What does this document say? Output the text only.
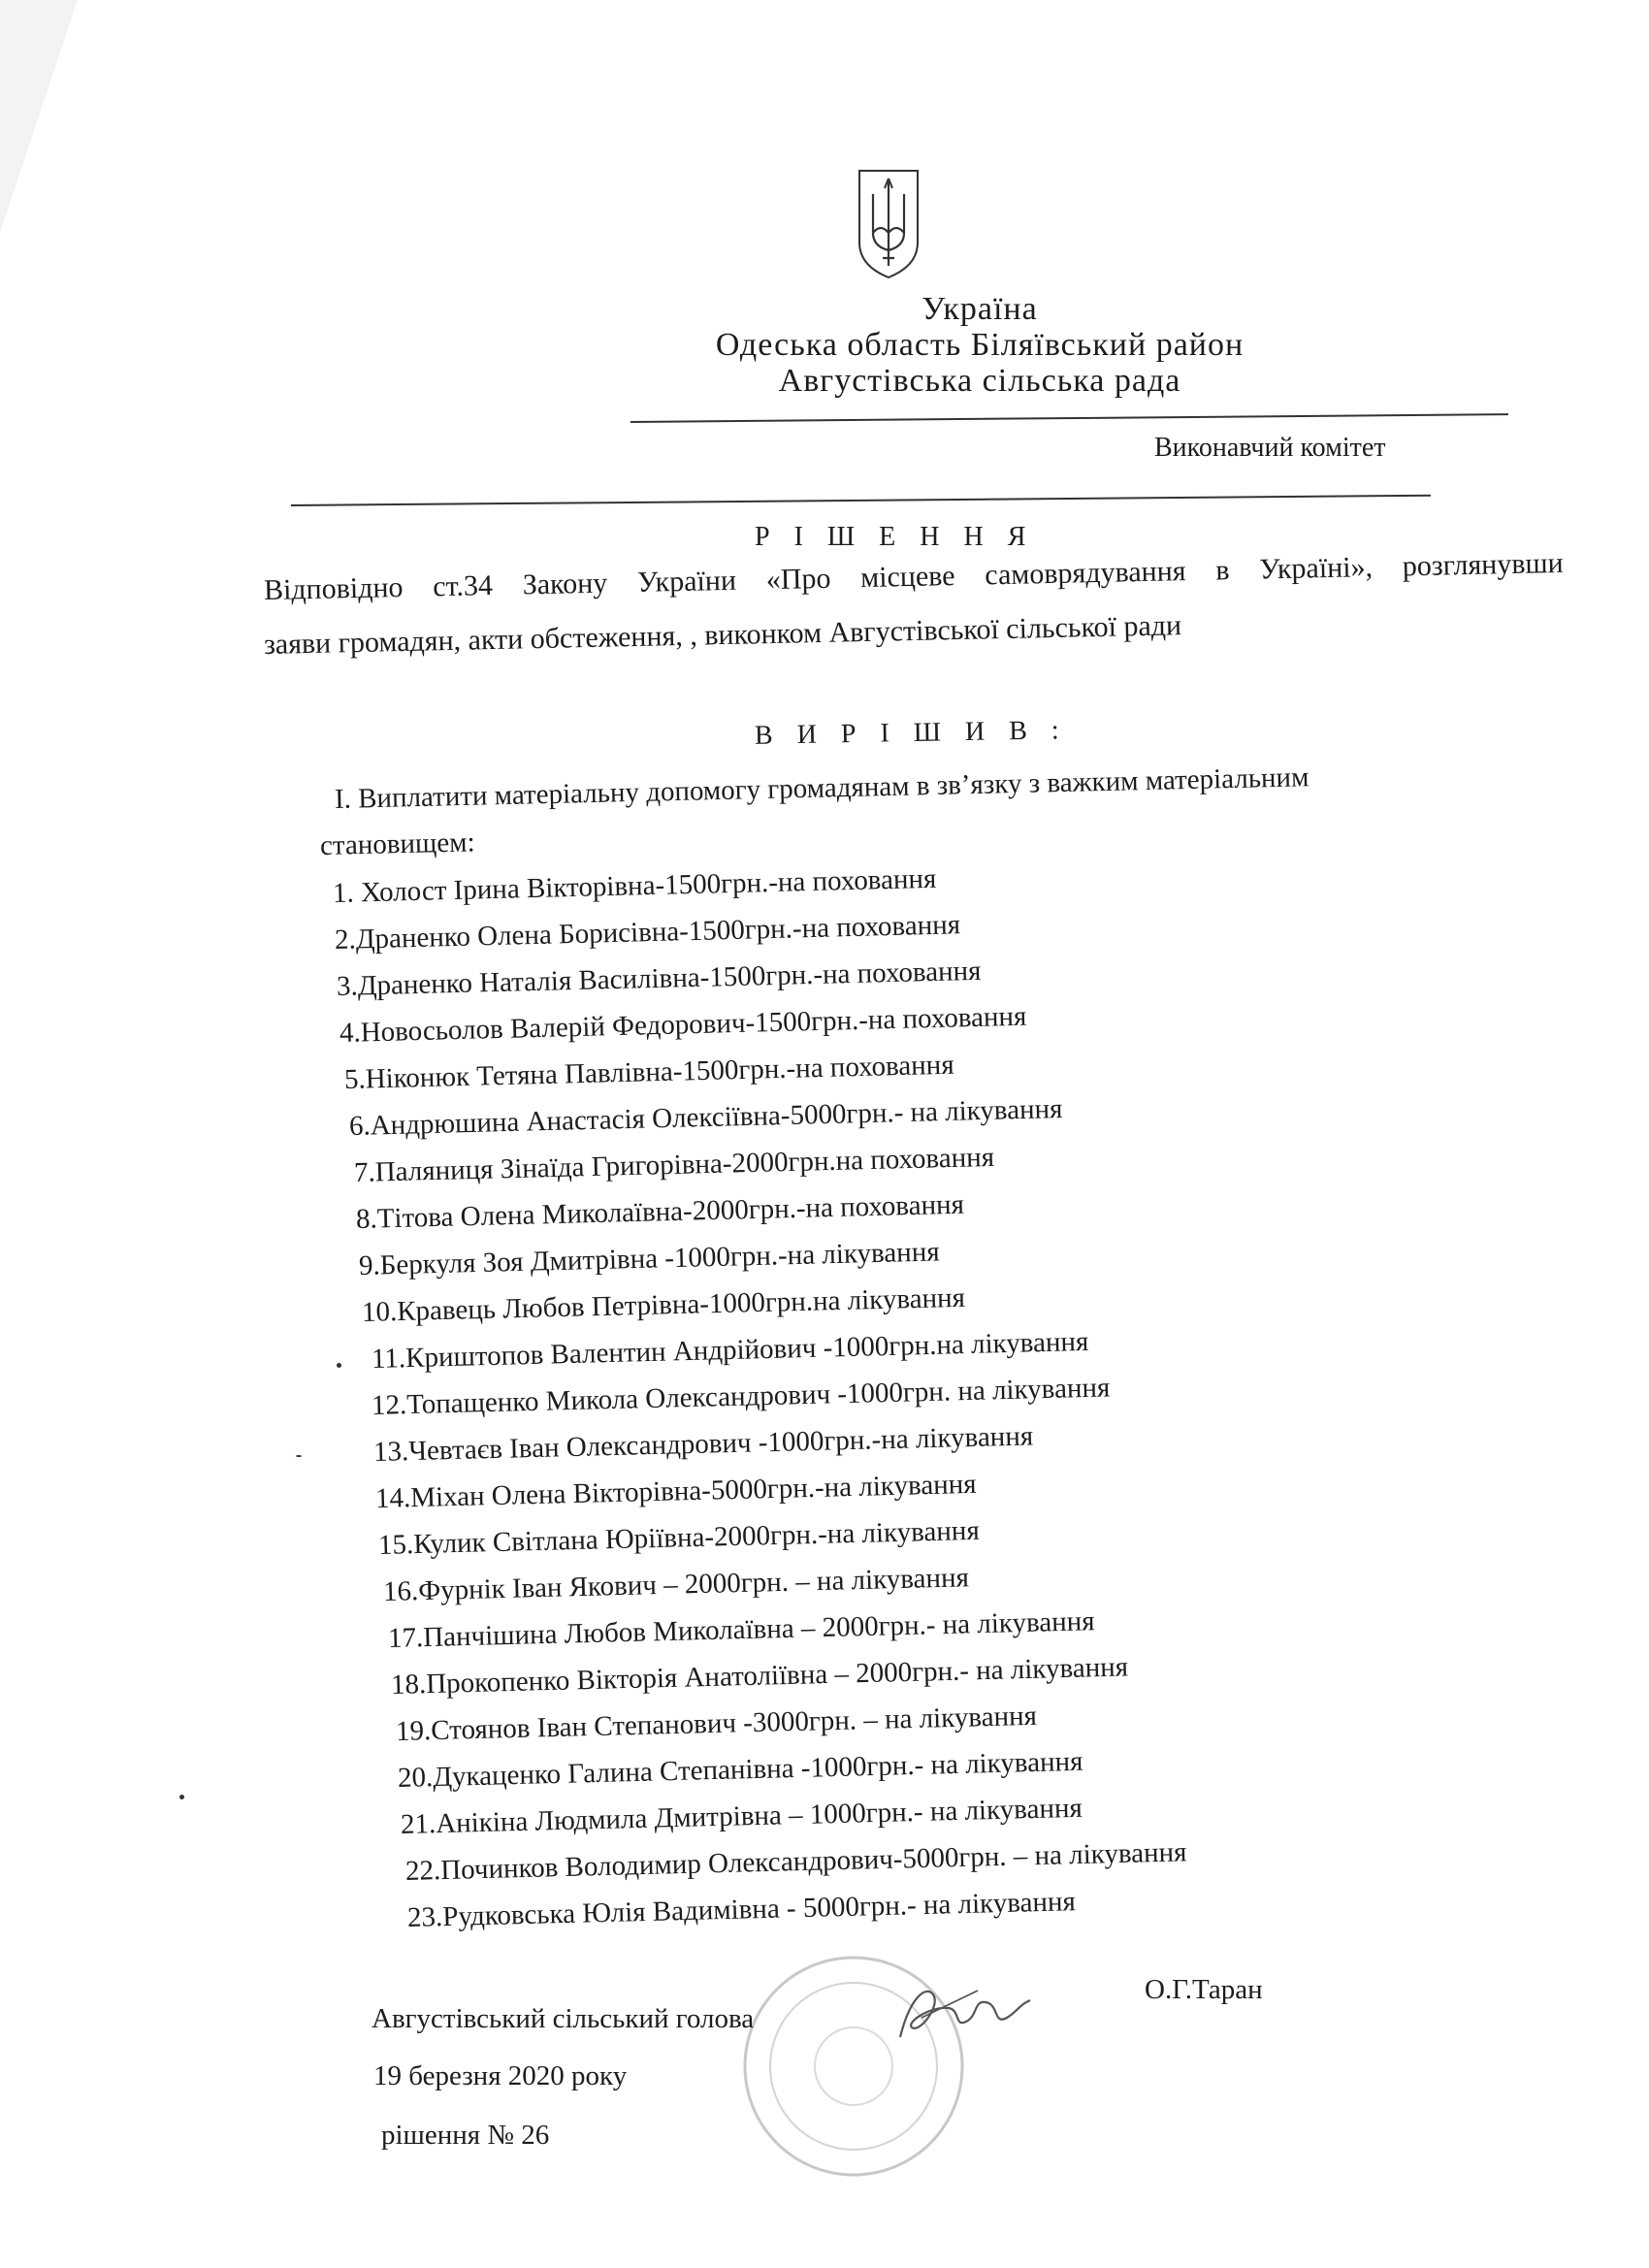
Україна
Одеська область Біляївський район
Августівська сільська рада
Виконавчий комітет
Р І Ш Е Н Н Я
Відповідно ст.34 Закону України «Про місцеве самоврядування в Україні», розглянувши
заяви громадян, акти обстеження, , виконком Августівської сільської ради
В И Р І Ш И В :
І. Виплатити матеріальну допомогу громадянам в зв’язку з важким матеріальним
становищем:
1. Холост Ірина Вікторівна-1500грн.-на поховання
2.Драненко Олена Борисівна-1500грн.-на поховання
3.Драненко Наталія Василівна-1500грн.-на поховання
4.Новосьолов Валерій Федорович-1500грн.-на поховання
5.Ніконюк Тетяна Павлівна-1500грн.-на поховання
6.Андрюшина Анастасія Олексіївна-5000грн.- на лікування
7.Паляниця Зінаїда Григорівна-2000грн.на поховання
8.Тітова Олена Миколаївна-2000грн.-на поховання
9.Беркуля Зоя Дмитрівна -1000грн.-на лікування
10.Кравець Любов Петрівна-1000грн.на лікування
11.Криштопов Валентин Андрійович -1000грн.на лікування
12.Топащенко Микола Олександрович -1000грн. на лікування
13.Чевтаєв Іван Олександрович -1000грн.-на лікування
14.Міхан Олена Вікторівна-5000грн.-на лікування
15.Кулик Світлана Юріївна-2000грн.-на лікування
16.Фурнік Іван Якович – 2000грн. – на лікування
17.Панчішина Любов Миколаївна – 2000грн.- на лікування
18.Прокопенко Вікторія Анатоліївна – 2000грн.- на лікування
19.Стоянов Іван Степанович -3000грн. – на лікування
20.Дукаценко Галина Степанівна -1000грн.- на лікування
21.Анікіна Людмила Дмитрівна – 1000грн.- на лікування
22.Починков Володимир Олександрович-5000грн. – на лікування
23.Рудковська Юлія Вадимівна - 5000грн.- на лікування
О.Г.Таран
Августівський сільський голова
19 березня 2020 року
рішення № 26
